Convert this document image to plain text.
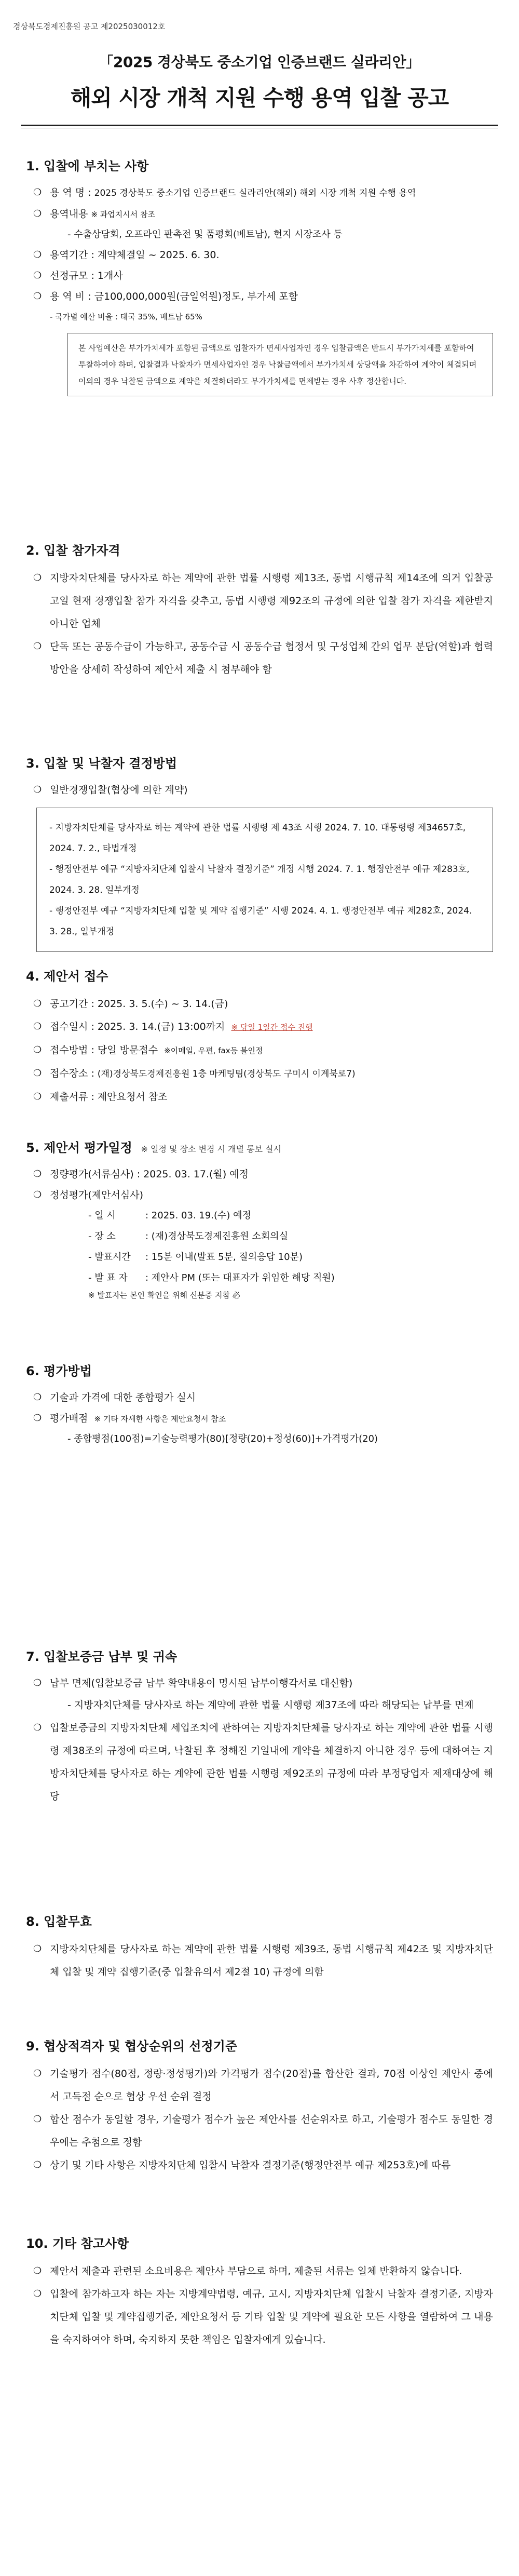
경상북도경제진흥원 공고 제2025030012호
「2025 경상북도 중소기업 인증브랜드 실라리안」
해외 시장 개척 지원 수행 용역 입찰 공고
1. 입찰에 부치는 사항
❍ 용 역 명 : 2025 경상북도 중소기업 인증브랜드 실라리안(해외) 해외 시장 개척 지원 수행 용역
❍ 용역내용 ※ 과업지시서 참조
- 수출상담회, 오프라인 판촉전 및 품평회(베트남), 현지 시장조사 등
❍ 용역기간 : 계약체결일 ~ 2025. 6. 30.
❍ 선정규모 : 1개사
❍ 용 역 비 : 금100,000,000원(금일억원)정도, 부가세 포함
- 국가별 예산 비율 : 태국 35%, 베트남 65%
본 사업예산은 부가가치세가 포함된 금액으로 입찰자가 면세사업자인 경우 입찰금액은 반드시 부가가치세를 포함하여 투찰하여야 하며, 입찰결과 낙찰자가 면세사업자인 경우 낙찰금액에서 부가가치세 상당액을 차감하여 계약이 체결되며 이외의 경우 낙찰된 금액으로 계약을 체결하더라도 부가가치세를 면제받는 경우 사후 정산합니다.
2. 입찰 참가자격
❍ 지방자치단체를 당사자로 하는 계약에 관한 법률 시행령 제13조, 동법 시행규칙 제14조에 의거 입찰공고일 현재 경쟁입찰 참가 자격을 갖추고, 동법 시행령 제92조의 규정에 의한 입찰 참가 자격을 제한받지 아니한 업체
❍ 단독 또는 공동수급이 가능하고, 공동수급 시 공동수급 협정서 및 구성업체 간의 업무 분담(역할)과 협력방안을 상세히 작성하여 제안서 제출 시 첨부해야 함
3. 입찰 및 낙찰자 결정방법
❍ 일반경쟁입찰(협상에 의한 계약)
- 지방자치단체를 당사자로 하는 계약에 관한 법률 시행령 제 43조 시행 2024. 7. 10. 대통령령 제34657호, 2024. 7. 2., 타법개정
- 행정안전부 예규 “지방자치단체 입찰시 낙찰자 결정기준” 개정 시행 2024. 7. 1. 행정안전부 예규 제283호, 2024. 3. 28. 일부개정
- 행정안전부 예규 “지방자치단체 입찰 및 계약 집행기준” 시행 2024. 4. 1. 행정안전부 예규 제282호, 2024. 3. 28., 일부개정
4. 제안서 접수
❍ 공고기간 : 2025. 3. 5.(수) ~ 3. 14.(금)
❍ 접수일시 : 2025. 3. 14.(금) 13:00까지 ※ 당일 1일간 접수 진행
❍ 접수방법 : 당일 방문접수 ※이메일, 우편, fax등 불인정
❍ 접수장소 : (재)경상북도경제진흥원 1층 마케팅팀(경상북도 구미시 이계북로7)
❍ 제출서류 : 제안요청서 참조
5. 제안서 평가일정 ※ 일정 및 장소 변경 시 개별 통보 실시
❍ 정량평가(서류심사) : 2025. 03. 17.(월) 예정
❍ 정성평가(제안서심사)
- 일 시	: 2025. 03. 19.(수) 예정
- 장 소	: (재)경상북도경제진흥원 소회의실
- 발표시간	: 15분 이내(발표 5분, 질의응답 10분)
- 발 표 자	: 제안사 PM (또는 대표자가 위임한 해당 직원)
※ 발표자는 본인 확인을 위해 신분증 지참 必
6. 평가방법
❍ 기술과 가격에 대한 종합평가 실시
❍ 평가배점 ※ 기타 자세한 사항은 제안요청서 참조
- 종합평점(100점)=기술능력평가(80)[정량(20)+정성(60)]+가격평가(20)
7. 입찰보증금 납부 및 귀속
❍ 납부 면제(입찰보증금 납부 확약내용이 명시된 납부이행각서로 대신함)
- 지방자치단체를 당사자로 하는 계약에 관한 법률 시행령 제37조에 따라 해당되는 납부를 면제
❍ 입찰보증금의 지방자치단체 세입조치에 관하여는 지방자치단체를 당사자로 하는 계약에 관한 법률 시행령 제38조의 규정에 따르며, 낙찰된 후 정해진 기일내에 계약을 체결하지 아니한 경우 등에 대하여는 지방자치단체를 당사자로 하는 계약에 관한 법률 시행령 제92조의 규정에 따라 부정당업자 제재대상에 해당
8. 입찰무효
❍ 지방자치단체를 당사자로 하는 계약에 관한 법률 시행령 제39조, 동법 시행규칙 제42조 및 지방자치단체 입찰 및 계약 집행기준(중 입찰유의서 제2절 10) 규정에 의함
9. 협상적격자 및 협상순위의 선정기준
❍ 기술평가 점수(80점, 정량·정성평가)와 가격평가 점수(20점)를 합산한 결과, 70점 이상인 제안사 중에서 고득점 순으로 협상 우선 순위 결정
❍ 합산 점수가 동일할 경우, 기술평가 점수가 높은 제안사를 선순위자로 하고, 기술평가 점수도 동일한 경우에는 추첨으로 정함
❍ 상기 및 기타 사항은 지방자치단체 입찰시 낙찰자 결정기준(행정안전부 예규 제253호)에 따름
10. 기타 참고사항
❍ 제안서 제출과 관련된 소요비용은 제안사 부담으로 하며, 제출된 서류는 일체 반환하지 않습니다.
❍ 입찰에 참가하고자 하는 자는 지방계약법령, 예규, 고시, 지방자치단체 입찰시 낙찰자 결정기준, 지방자치단체 입찰 및 계약집행기준, 제안요청서 등 기타 입찰 및 계약에 필요한 모든 사항을 열람하여 그 내용을 숙지하여야 하며, 숙지하지 못한 책임은 입찰자에게 있습니다.
